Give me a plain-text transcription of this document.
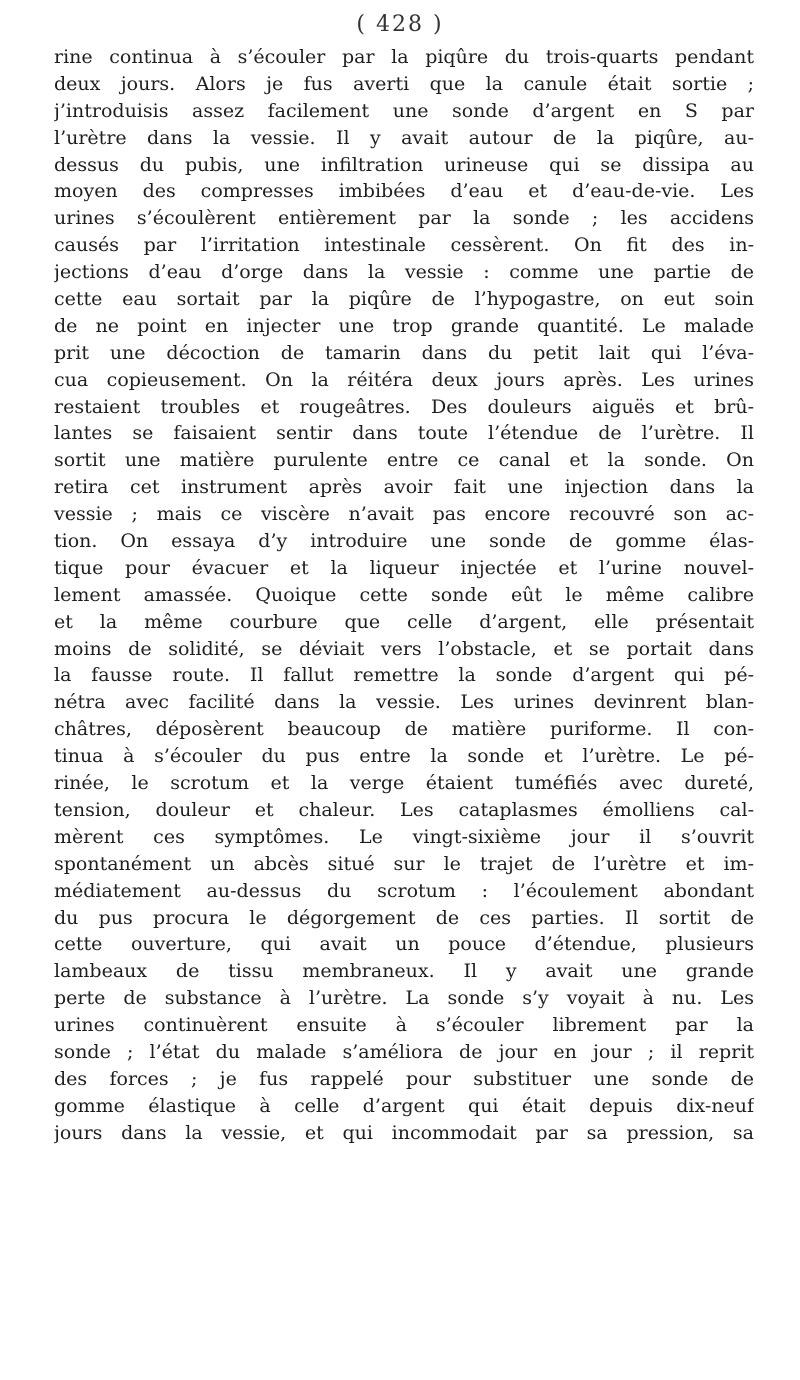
( 428 )
rine continua à s’écouler par la piqûre du trois-quarts pendant
deux jours. Alors je fus averti que la canule était sortie ;
j’introduisis assez facilement une sonde d’argent en S par
l’urètre dans la vessie. Il y avait autour de la piqûre, au-
dessus du pubis, une infiltration urineuse qui se dissipa au
moyen des compresses imbibées d’eau et d’eau-de-vie. Les
urines s’écoulèrent entièrement par la sonde ; les accidens
causés par l’irritation intestinale cessèrent. On fit des in-
jections d’eau d’orge dans la vessie : comme une partie de
cette eau sortait par la piqûre de l’hypogastre, on eut soin
de ne point en injecter une trop grande quantité. Le malade
prit une décoction de tamarin dans du petit lait qui l’éva-
cua copieusement. On la réitéra deux jours après. Les urines
restaient troubles et rougeâtres. Des douleurs aiguës et brû-
lantes se faisaient sentir dans toute l’étendue de l’urètre. Il
sortit une matière purulente entre ce canal et la sonde. On
retira cet instrument après avoir fait une injection dans la
vessie ; mais ce viscère n’avait pas encore recouvré son ac-
tion. On essaya d’y introduire une sonde de gomme élas-
tique pour évacuer et la liqueur injectée et l’urine nouvel-
lement amassée. Quoique cette sonde eût le même calibre
et la même courbure que celle d’argent, elle présentait
moins de solidité, se déviait vers l’obstacle, et se portait dans
la fausse route. Il fallut remettre la sonde d’argent qui pé-
nétra avec facilité dans la vessie. Les urines devinrent blan-
châtres, déposèrent beaucoup de matière puriforme. Il con-
tinua à s’écouler du pus entre la sonde et l’urètre. Le pé-
rinée, le scrotum et la verge étaient tuméfiés avec dureté,
tension, douleur et chaleur. Les cataplasmes émolliens cal-
mèrent ces symptômes. Le vingt-sixième jour il s’ouvrit
spontanément un abcès situé sur le trajet de l’urètre et im-
médiatement au-dessus du scrotum : l’écoulement abondant
du pus procura le dégorgement de ces parties. Il sortit de
cette ouverture, qui avait un pouce d’étendue, plusieurs
lambeaux de tissu membraneux. Il y avait une grande
perte de substance à l’urètre. La sonde s’y voyait à nu. Les
urines continuèrent ensuite à s’écouler librement par la
sonde ; l’état du malade s’améliora de jour en jour ; il reprit
des forces ; je fus rappelé pour substituer une sonde de
gomme élastique à celle d’argent qui était depuis dix-neuf
jours dans la vessie, et qui incommodait par sa pression, sa
